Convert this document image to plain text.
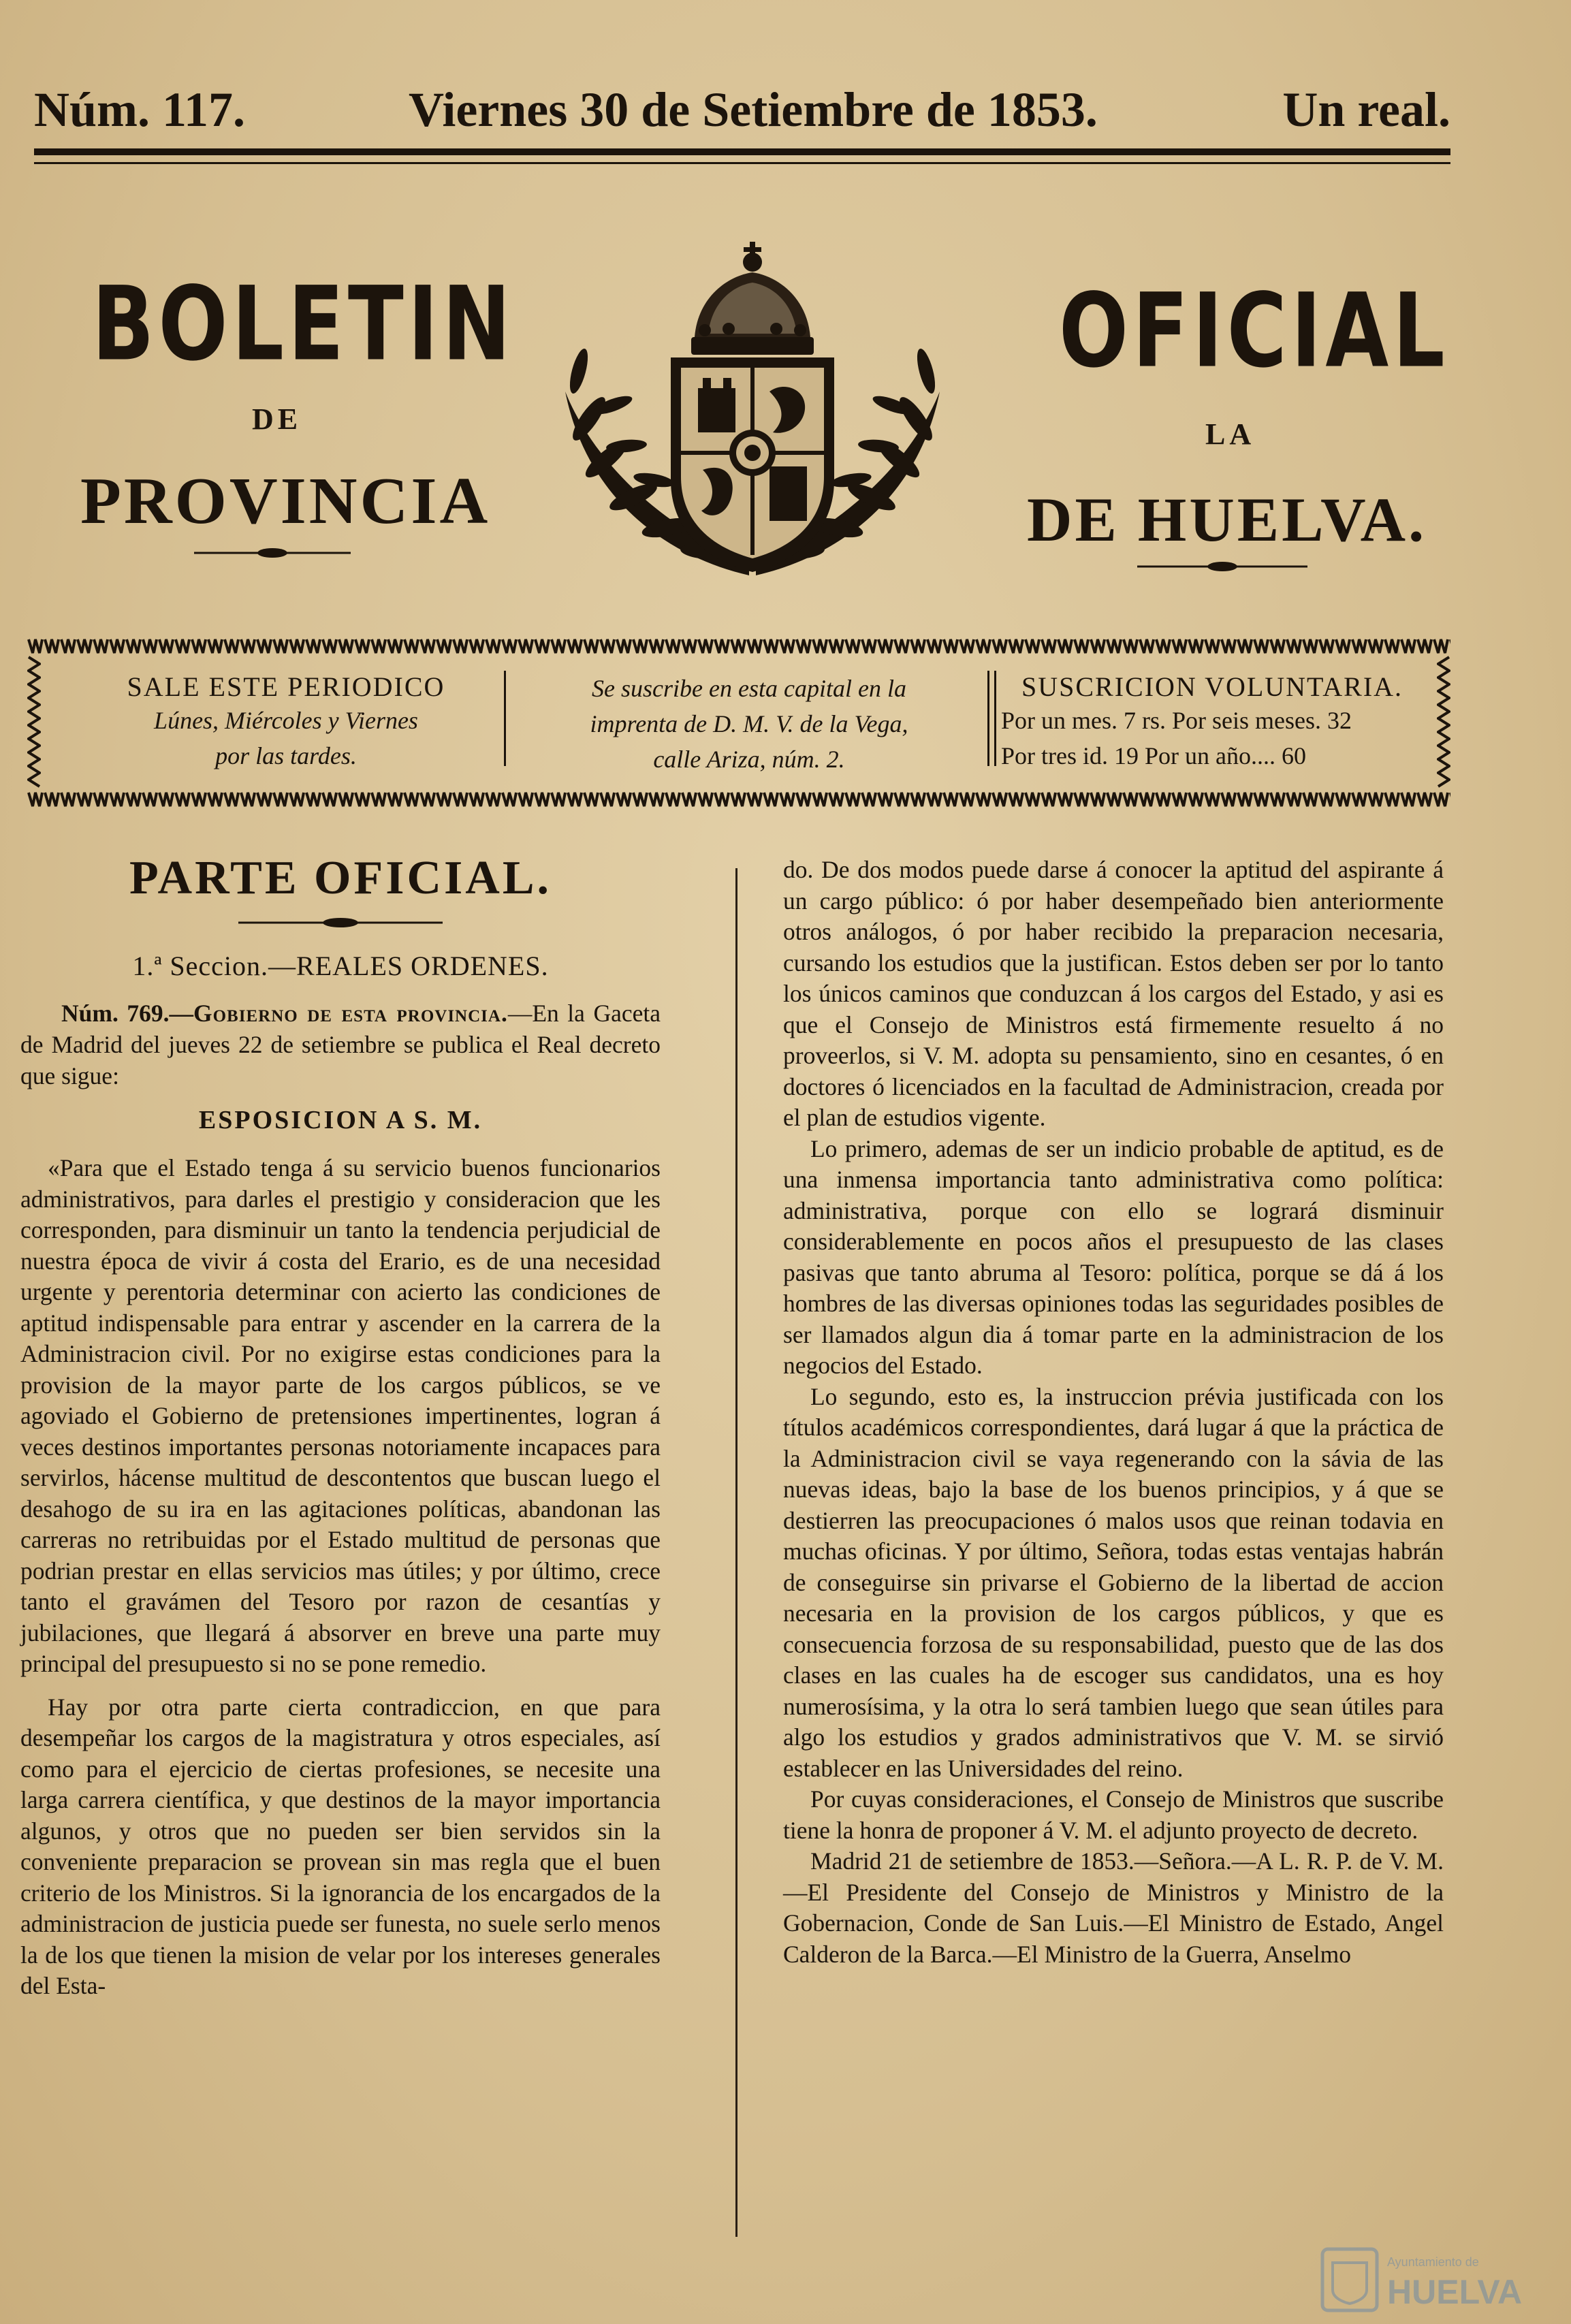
Núm. 117.	Viernes 30 de Setiembre de 1853.	Un real.
BOLETIN
DE
PROVINCIA
OFICIAL
LA
DE HUELVA.
SALE ESTE PERIODICO
Lúnes, Miércoles y Viernes
por las tardes.
Se suscribe en esta capital en la
imprenta de D. M. V. de la Vega,
calle Ariza, núm. 2.
SUSCRICION VOLUNTARIA.
Por un mes. 7 rs. Por seis meses. 32
Por tres id. 19 Por un año.... 60
PARTE OFICIAL.
1.ª Seccion.—REALES ORDENES.

Núm. 769.—Gobierno de esta provincia.—En la Gaceta de Madrid del jueves 22 de setiembre se publica el Real decreto que sigue:

ESPOSICION A S. M.

«Para que el Estado tenga á su servicio buenos funcionarios administrativos, para darles el prestigio y consideracion que les corresponden, para disminuir un tanto la tendencia perjudicial de nuestra época de vivir á costa del Erario, es de una necesidad urgente y perentoria determinar con acierto las condiciones de aptitud indispensable para entrar y ascender en la carrera de la Administracion civil. Por no exigirse estas condiciones para la provision de la mayor parte de los cargos públicos, se ve agoviado el Gobierno de pretensiones impertinentes, logran á veces destinos importantes personas notoriamente incapaces para servirlos, hácense multitud de descontentos que buscan luego el desahogo de su ira en las agitaciones políticas, abandonan las carreras no retribuidas por el Estado multitud de personas que podrian prestar en ellas servicios mas útiles; y por último, crece tanto el gravámen del Tesoro por razon de cesantías y jubilaciones, que llegará á absorver en breve una parte muy principal del presupuesto si no se pone remedio.

Hay por otra parte cierta contradiccion, en que para desempeñar los cargos de la magistratura y otros especiales, así como para el ejercicio de ciertas profesiones, se necesite una larga carrera científica, y que destinos de la mayor importancia algunos, y otros que no pueden ser bien servidos sin la conveniente preparacion se provean sin mas regla que el buen criterio de los Ministros. Si la ignorancia de los encargados de la administracion de justicia puede ser funesta, no suele serlo menos la de los que tienen la mision de velar por los intereses generales del Esta-

do. De dos modos puede darse á conocer la aptitud del aspirante á un cargo público: ó por haber desempeñado bien anteriormente otros análogos, ó por haber recibido la preparacion necesaria, cursando los estudios que la justifican. Estos deben ser por lo tanto los únicos caminos que conduzcan á los cargos del Estado, y asi es que el Consejo de Ministros está firmemente resuelto á no proveerlos, si V. M. adopta su pensamiento, sino en cesantes, ó en doctores ó licenciados en la facultad de Administracion, creada por el plan de estudios vigente.

Lo primero, ademas de ser un indicio probable de aptitud, es de una inmensa importancia tanto administrativa como política: administrativa, porque con ello se logrará disminuir considerablemente en pocos años el presupuesto de las clases pasivas que tanto abruma al Tesoro: política, porque se dá á los hombres de las diversas opiniones todas las seguridades posibles de ser llamados algun dia á tomar parte en la administracion de los negocios del Estado.

Lo segundo, esto es, la instruccion prévia justificada con los títulos académicos correspondientes, dará lugar á que la práctica de la Administracion civil se vaya regenerando con la sávia de las nuevas ideas, bajo la base de los buenos principios, y á que se destierren las preocupaciones ó malos usos que reinan todavia en muchas oficinas. Y por último, Señora, todas estas ventajas habrán de conseguirse sin privarse el Gobierno de la libertad de accion necesaria en la provision de los cargos públicos, y que es consecuencia forzosa de su responsabilidad, puesto que de las dos clases en las cuales ha de escoger sus candidatos, una es hoy numerosísima, y la otra lo será tambien luego que sean útiles para algo los estudios y grados administrativos que V. M. se sirvió establecer en las Universidades del reino.

Por cuyas consideraciones, el Consejo de Ministros que suscribe tiene la honra de proponer á V. M. el adjunto proyecto de decreto.

Madrid 21 de setiembre de 1853.—Señora.—A L. R. P. de V. M.—El Presidente del Consejo de Ministros y Ministro de la Gobernacion, Conde de San Luis.—El Ministro de Estado, Angel Calderon de la Barca.—El Ministro de la Guerra, Anselmo

Ayuntamiento de
HUELVA
